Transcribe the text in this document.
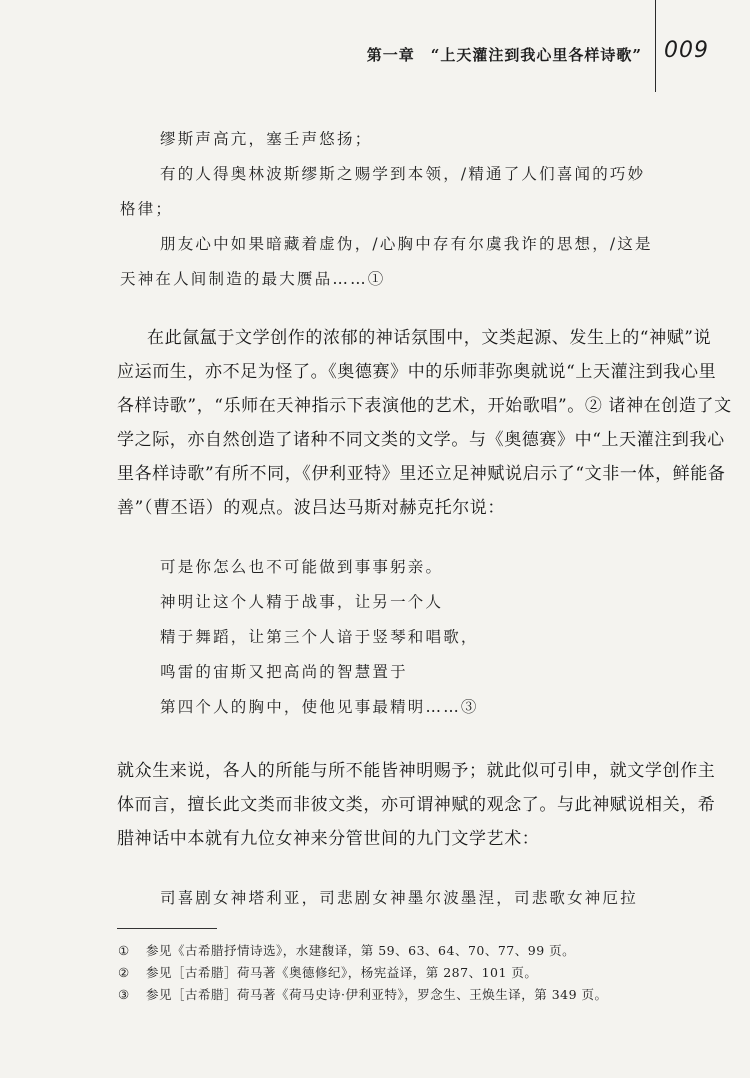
第一章　“上天灌注到我心里各样诗歌” 009
缪斯声高亢，塞壬声悠扬；
有的人得奥林波斯缪斯之赐学到本领，/精通了人们喜闻的巧妙
格律；
朋友心中如果暗藏着虚伪，/心胸中存有尔虞我诈的思想，/这是
天神在人间制造的最大赝品……①
在此氤氲于文学创作的浓郁的神话氛围中，文类起源、发生上的“神赋”说
应运而生，亦不足为怪了。《奥德赛》中的乐师菲弥奥就说“上天灌注到我心里
各样诗歌”，“乐师在天神指示下表演他的艺术，开始歌唱”。② 诸神在创造了文
学之际，亦自然创造了诸种不同文类的文学。与《奥德赛》中“上天灌注到我心
里各样诗歌”有所不同，《伊利亚特》里还立足神赋说启示了“文非一体，鲜能备
善”（曹丕语）的观点。波吕达马斯对赫克托尔说：
可是你怎么也不可能做到事事躬亲。
神明让这个人精于战事，让另一个人
精于舞蹈，让第三个人谙于竖琴和唱歌，
鸣雷的宙斯又把高尚的智慧置于
第四个人的胸中，使他见事最精明……③
就众生来说，各人的所能与所不能皆神明赐予；就此似可引申，就文学创作主
体而言，擅长此文类而非彼文类，亦可谓神赋的观念了。与此神赋说相关，希
腊神话中本就有九位女神来分管世间的九门文学艺术：
司喜剧女神塔利亚，司悲剧女神墨尔波墨涅，司悲歌女神厄拉
① 参见《古希腊抒情诗选》，水建馥译，第 59、63、64、70、77、99 页。
② 参见［古希腊］荷马著《奥德修纪》，杨宪益译，第 287、101 页。
③ 参见［古希腊］荷马著《荷马史诗·伊利亚特》，罗念生、王焕生译，第 349 页。
